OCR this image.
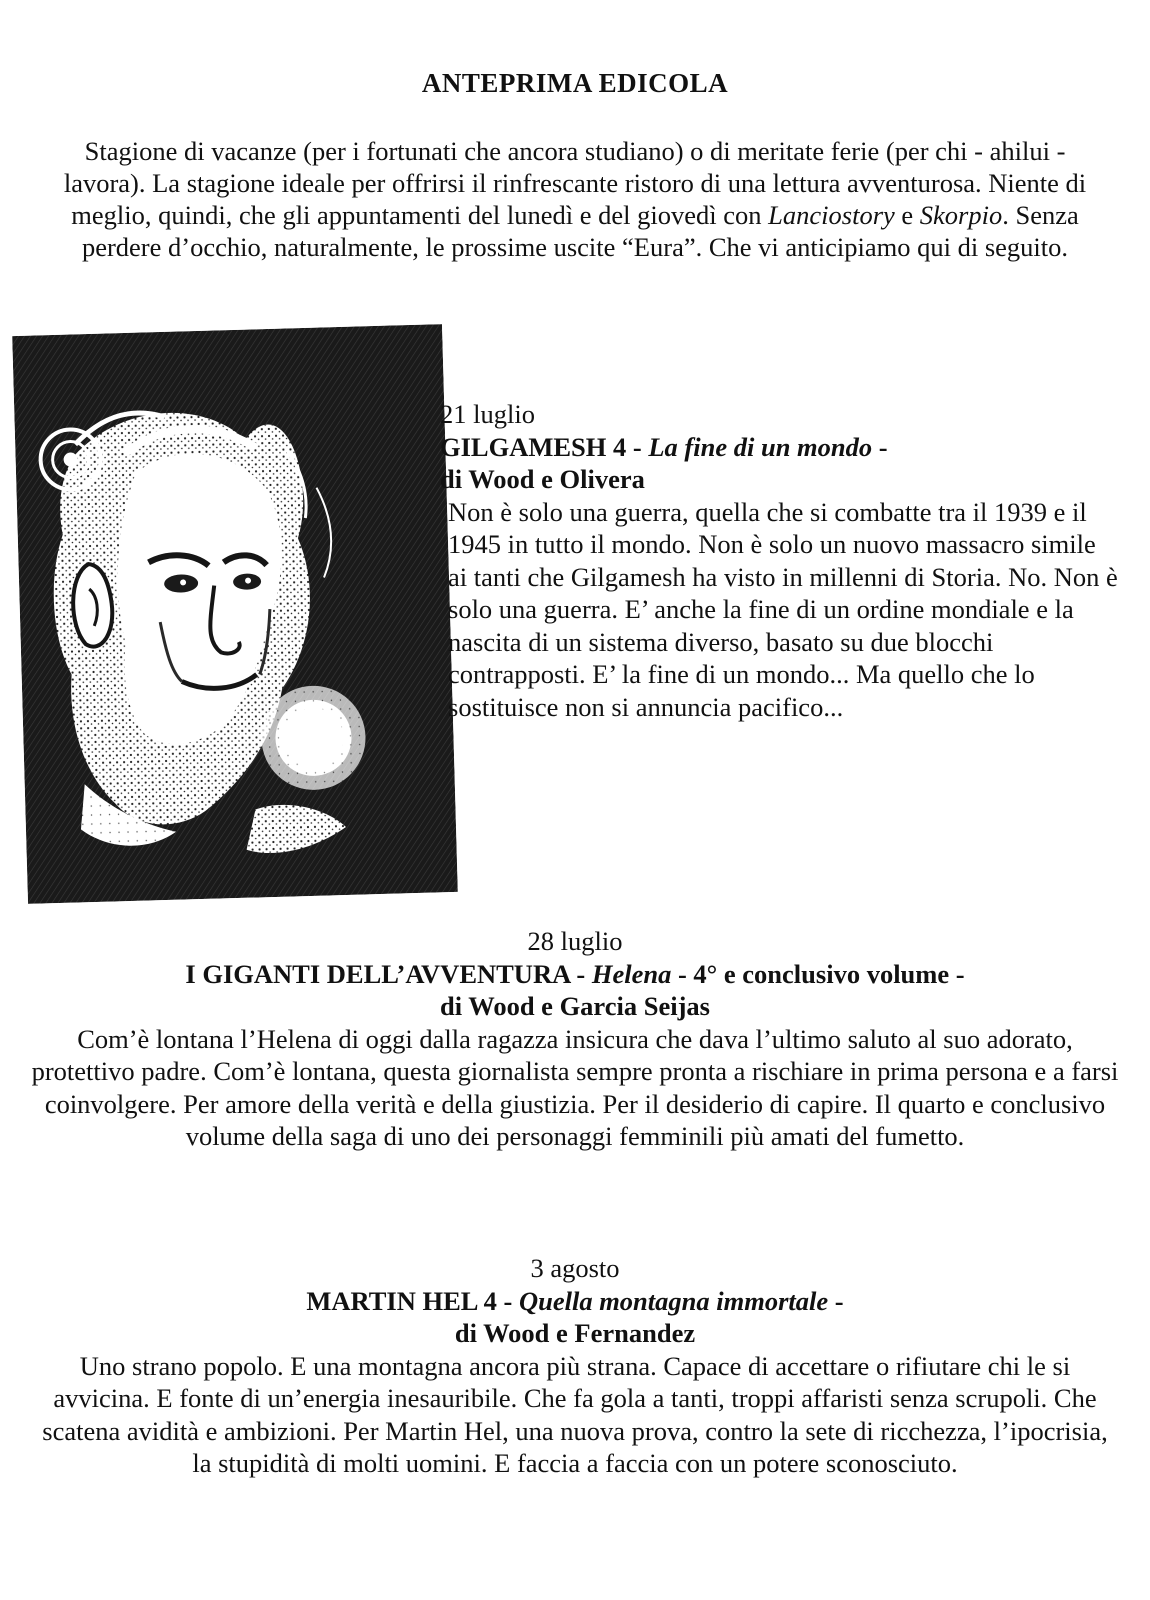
ANTEPRIMA EDICOLA
Stagione di vacanze (per i fortunati che ancora studiano) o di meritate ferie (per chi - ahilui - lavora). La stagione ideale per offrirsi il rinfrescante ristoro di una lettura avventurosa. Niente di meglio, quindi, che gli appuntamenti del lunedì e del giovedì con Lanciostory e Skorpio. Senza perdere d’occhio, naturalmente, le prossime uscite “Eura”. Che vi anticipiamo qui di seguito.
21 luglio
GILGAMESH 4 - La fine di un mondo -
di Wood e Olivera
Non è solo una guerra, quella che si combatte tra il 1939 e il 1945 in tutto il mondo. Non è solo un nuovo massacro simile ai tanti che Gilgamesh ha visto in millenni di Storia. No. Non è solo una guerra. E’ anche la fine di un ordine mondiale e la nascita di un sistema diverso, basato su due blocchi contrapposti. E’ la fine di un mondo... Ma quello che lo sostituisce non si annuncia pacifico...
28 luglio
I GIGANTI DELL’AVVENTURA - Helena - 4° e conclusivo volume -
di Wood e Garcia Seijas
Com’è lontana l’Helena di oggi dalla ragazza insicura che dava l’ultimo saluto al suo adorato, protettivo padre. Com’è lontana, questa giornalista sempre pronta a rischiare in prima persona e a farsi coinvolgere. Per amore della verità e della giustizia. Per il desiderio di capire. Il quarto e conclusivo volume della saga di uno dei personaggi femminili più amati del fumetto.
3 agosto
MARTIN HEL 4 - Quella montagna immortale -
di Wood e Fernandez
Uno strano popolo. E una montagna ancora più strana. Capace di accettare o rifiutare chi le si avvicina. E fonte di un’energia inesauribile. Che fa gola a tanti, troppi affaristi senza scrupoli. Che scatena avidità e ambizioni. Per Martin Hel, una nuova prova, contro la sete di ricchezza, l’ipocrisia, la stupidità di molti uomini. E faccia a faccia con un potere sconosciuto.
